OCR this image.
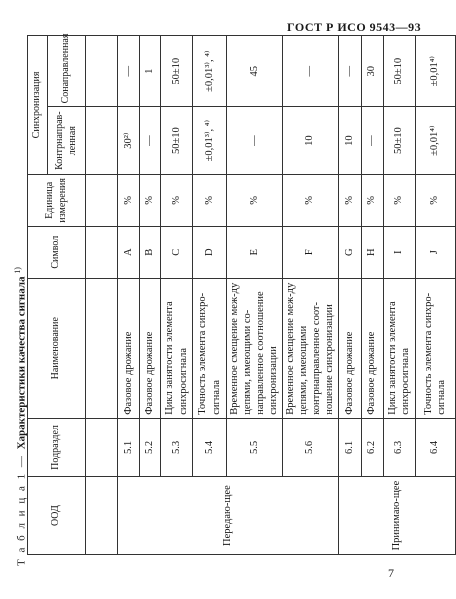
ГОСТ Р ИСО 9543—93
Т а б л и ц а 1 — Характеристики качества сигнала $^{1)}$
ООД	Подраздел	Наименование	Символ	Единица измерения	Синхронизация	
					Контрнаправ-ленная	Сонаправленная

Передаю-щее	5.1	Фазовое дрожание	A	%	30²⁾	—
	5.2	Фазовое дрожание	B	%	—	1
	5.3	Цикл занятости элемента синхросигнала	C	%	50±10	50±10
	5.4	Точность элемента синхро-сигнала	D	%	±0,01³⁾, ⁴⁾	±0,01³⁾, ⁴⁾
	5.5	Временное смещение меж-ду цепями, имеющими со-направленное соотношение синхронизации	E	%	—	45
	5.6	Временное смещение меж-ду цепями, имеющими контрнаправленное соот-ношение синхронизации	F	%	10	—
Принимаю-щее	6.1	Фазовое дрожание	G	%	10	—
	6.2	Фазовое дрожание	H	%	—	30
	6.3	Цикл занятости элемента синхросигнала	I	%	50±10	50±10
	6.4	Точность элемента синхро-сигнала	J	%	±0,01⁴⁾	±0,01⁴⁾
7
